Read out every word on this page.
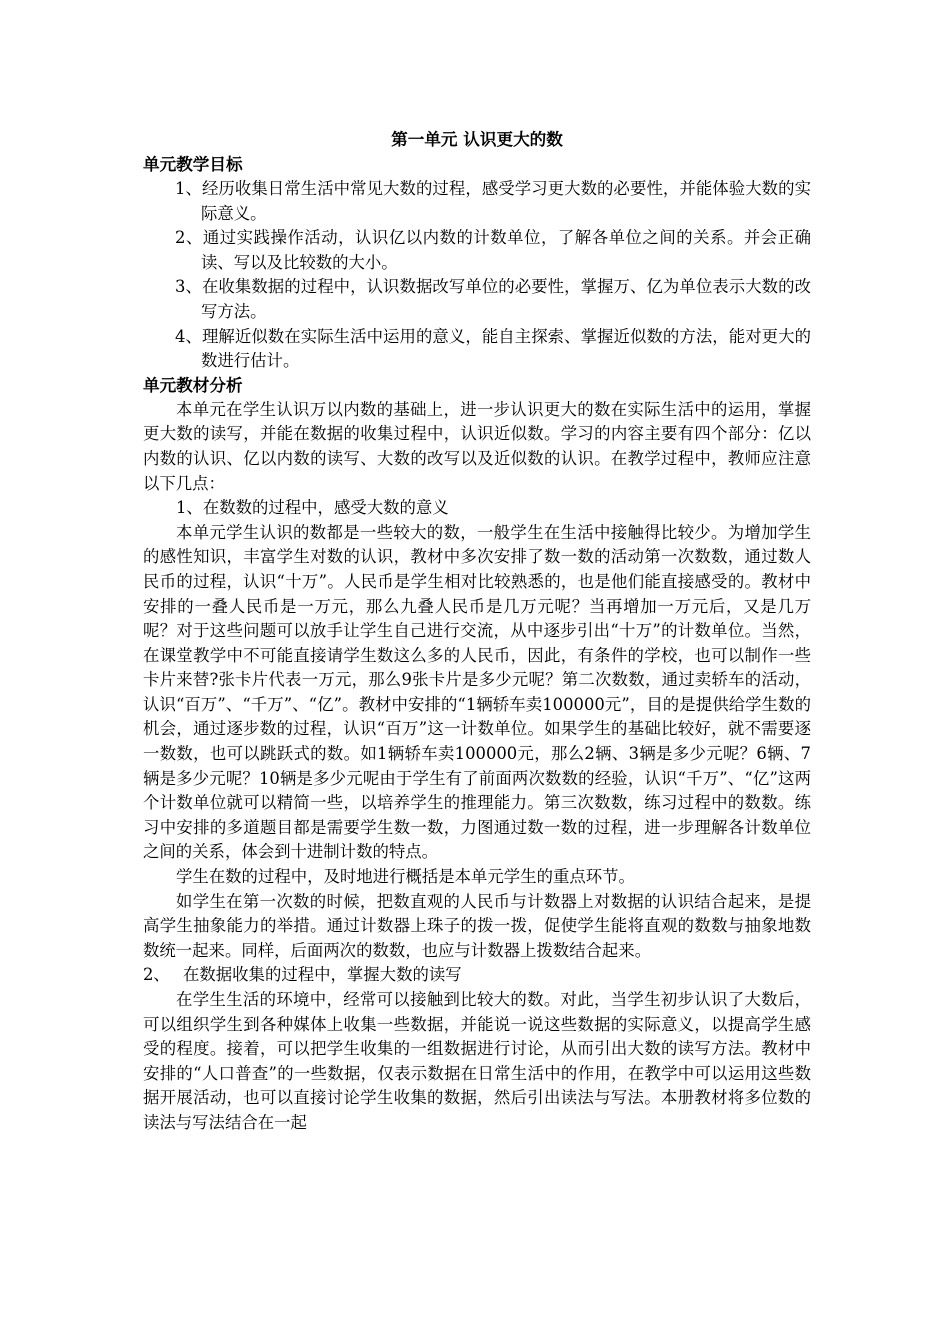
第一单元 认识更大的数
单元教学目标

1、经历收集日常生活中常见大数的过程，感受学习更大数的必要性，并能体验大数的实际意义。

2、通过实践操作活动，认识亿以内数的计数单位，了解各单位之间的关系。并会正确读、写以及比较数的大小。

3、在收集数据的过程中，认识数据改写单位的必要性，掌握万、亿为单位表示大数的改写方法。

4、理解近似数在实际生活中运用的意义，能自主探索、掌握近似数的方法，能对更大的数进行估计。

单元教材分析

本单元在学生认识万以内数的基础上，进一步认识更大的数在实际生活中的运用，掌握更大数的读写，并能在数据的收集过程中，认识近似数。学习的内容主要有四个部分：亿以内数的认识、亿以内数的读写、大数的改写以及近似数的认识。在教学过程中，教师应注意以下几点：

1、在数数的过程中，感受大数的意义

本单元学生认识的数都是一些较大的数，一般学生在生活中接触得比较少。为增加学生的感性知识，丰富学生对数的认识，教材中多次安排了数一数的活动第一次数数，通过数人民币的过程，认识“十万”。人民币是学生相对比较熟悉的，也是他们能直接感受的。教材中安排的一叠人民币是一万元，那么九叠人民币是几万元呢？当再增加一万元后，又是几万呢？对于这些问题可以放手让学生自己进行交流，从中逐步引出“十万”的计数单位。当然，在课堂教学中不可能直接请学生数这么多的人民币，因此，有条件的学校，也可以制作一些卡片来替?张卡片代表一万元，那么9张卡片是多少元呢？第二次数数，通过卖轿车的活动，认识“百万”、“千万”、“亿”。教材中安排的“1辆轿车卖100000元”，目的是提供给学生数的机会，通过逐步数的过程，认识“百万”这一计数单位。如果学生的基础比较好，就不需要逐一数数，也可以跳跃式的数。如1辆轿车卖100000元，那么2辆、3辆是多少元呢？6辆、7辆是多少元呢？10辆是多少元呢由于学生有了前面两次数数的经验，认识“千万”、“亿”这两个计数单位就可以精简一些，以培养学生的推理能力。第三次数数，练习过程中的数数。练习中安排的多道题目都是需要学生数一数，力图通过数一数的过程，进一步理解各计数单位之间的关系，体会到十进制计数的特点。

学生在数的过程中，及时地进行概括是本单元学生的重点环节。

如学生在第一次数的时候，把数直观的人民币与计数器上对数据的认识结合起来，是提高学生抽象能力的举措。通过计数器上珠子的拨一拨，促使学生能将直观的数数与抽象地数数统一起来。同样，后面两次的数数，也应与计数器上拨数结合起来。

2、 在数据收集的过程中，掌握大数的读写

在学生生活的环境中，经常可以接触到比较大的数。对此，当学生初步认识了大数后，可以组织学生到各种媒体上收集一些数据，并能说一说这些数据的实际意义，以提高学生感受的程度。接着，可以把学生收集的一组数据进行讨论，从而引出大数的读写方法。教材中安排的“人口普查”的一些数据，仅表示数据在日常生活中的作用，在教学中可以运用这些数据开展活动，也可以直接讨论学生收集的数据，然后引出读法与写法。本册教材将多位数的读法与写法结合在一起
